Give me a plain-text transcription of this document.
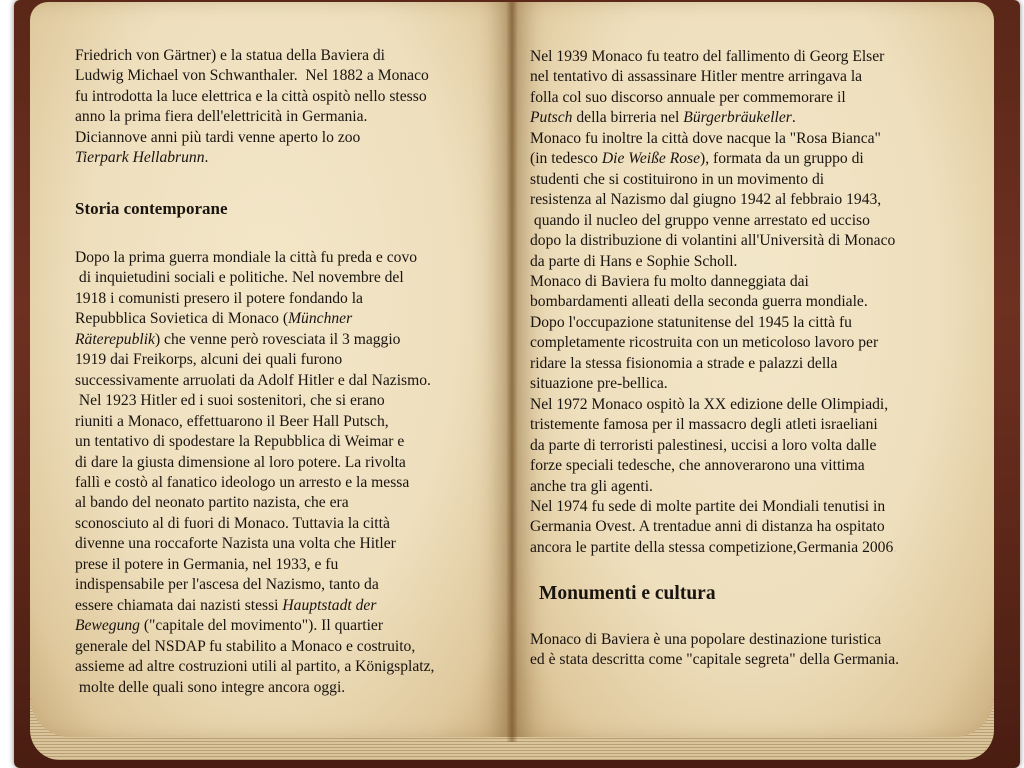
Friedrich von Gärtner) e la statua della Baviera di

Ludwig Michael von Schwanthaler.  Nel 1882 a Monaco

fu introdotta la luce elettrica e la città ospitò nello stesso

anno la prima fiera dell'elettricità in Germania.

Diciannove anni più tardi venne aperto lo zoo

Tierpark Hellabrunn.

Storia contemporane

Dopo la prima guerra mondiale la città fu preda e covo

di inquietudini sociali e politiche. Nel novembre del

1918 i comunisti presero il potere fondando la

Repubblica Sovietica di Monaco (Münchner

Räterepublik) che venne però rovesciata il 3 maggio

1919 dai Freikorps, alcuni dei quali furono

successivamente arruolati da Adolf Hitler e dal Nazismo.

Nel 1923 Hitler ed i suoi sostenitori, che si erano

riuniti a Monaco, effettuarono il Beer Hall Putsch,

un tentativo di spodestare la Repubblica di Weimar e

di dare la giusta dimensione al loro potere. La rivolta

fallì e costò al fanatico ideologo un arresto e la messa

al bando del neonato partito nazista, che era

sconosciuto al di fuori di Monaco. Tuttavia la città

divenne una roccaforte Nazista una volta che Hitler

prese il potere in Germania, nel 1933, e fu

indispensabile per l'ascesa del Nazismo, tanto da

essere chiamata dai nazisti stessi Hauptstadt der

Bewegung ("capitale del movimento"). Il quartier

generale del NSDAP fu stabilito a Monaco e costruito,

assieme ad altre costruzioni utili al partito, a Königsplatz,

molte delle quali sono integre ancora oggi.

Nel 1939 Monaco fu teatro del fallimento di Georg Elser

nel tentativo di assassinare Hitler mentre arringava la

folla col suo discorso annuale per commemorare il

Putsch della birreria nel Bürgerbräukeller.

Monaco fu inoltre la città dove nacque la "Rosa Bianca"

(in tedesco Die Weiße Rose), formata da un gruppo di

studenti che si costituirono in un movimento di

resistenza al Nazismo dal giugno 1942 al febbraio 1943,

quando il nucleo del gruppo venne arrestato ed ucciso

dopo la distribuzione di volantini all'Università di Monaco

da parte di Hans e Sophie Scholl.

Monaco di Baviera fu molto danneggiata dai

bombardamenti alleati della seconda guerra mondiale.

Dopo l'occupazione statunitense del 1945 la città fu

completamente ricostruita con un meticoloso lavoro per

ridare la stessa fisionomia a strade e palazzi della

situazione pre-bellica.

Nel 1972 Monaco ospitò la XX edizione delle Olimpiadi,

tristemente famosa per il massacro degli atleti israeliani

da parte di terroristi palestinesi, uccisi a loro volta dalle

forze speciali tedesche, che annoverarono una vittima

anche tra gli agenti.

Nel 1974 fu sede di molte partite dei Mondiali tenutisi in

Germania Ovest. A trentadue anni di distanza ha ospitato

ancora le partite della stessa competizione,Germania 2006.

Monumenti e cultura

Monaco di Baviera è una popolare destinazione turistica

ed è stata descritta come "capitale segreta" della Germania.
